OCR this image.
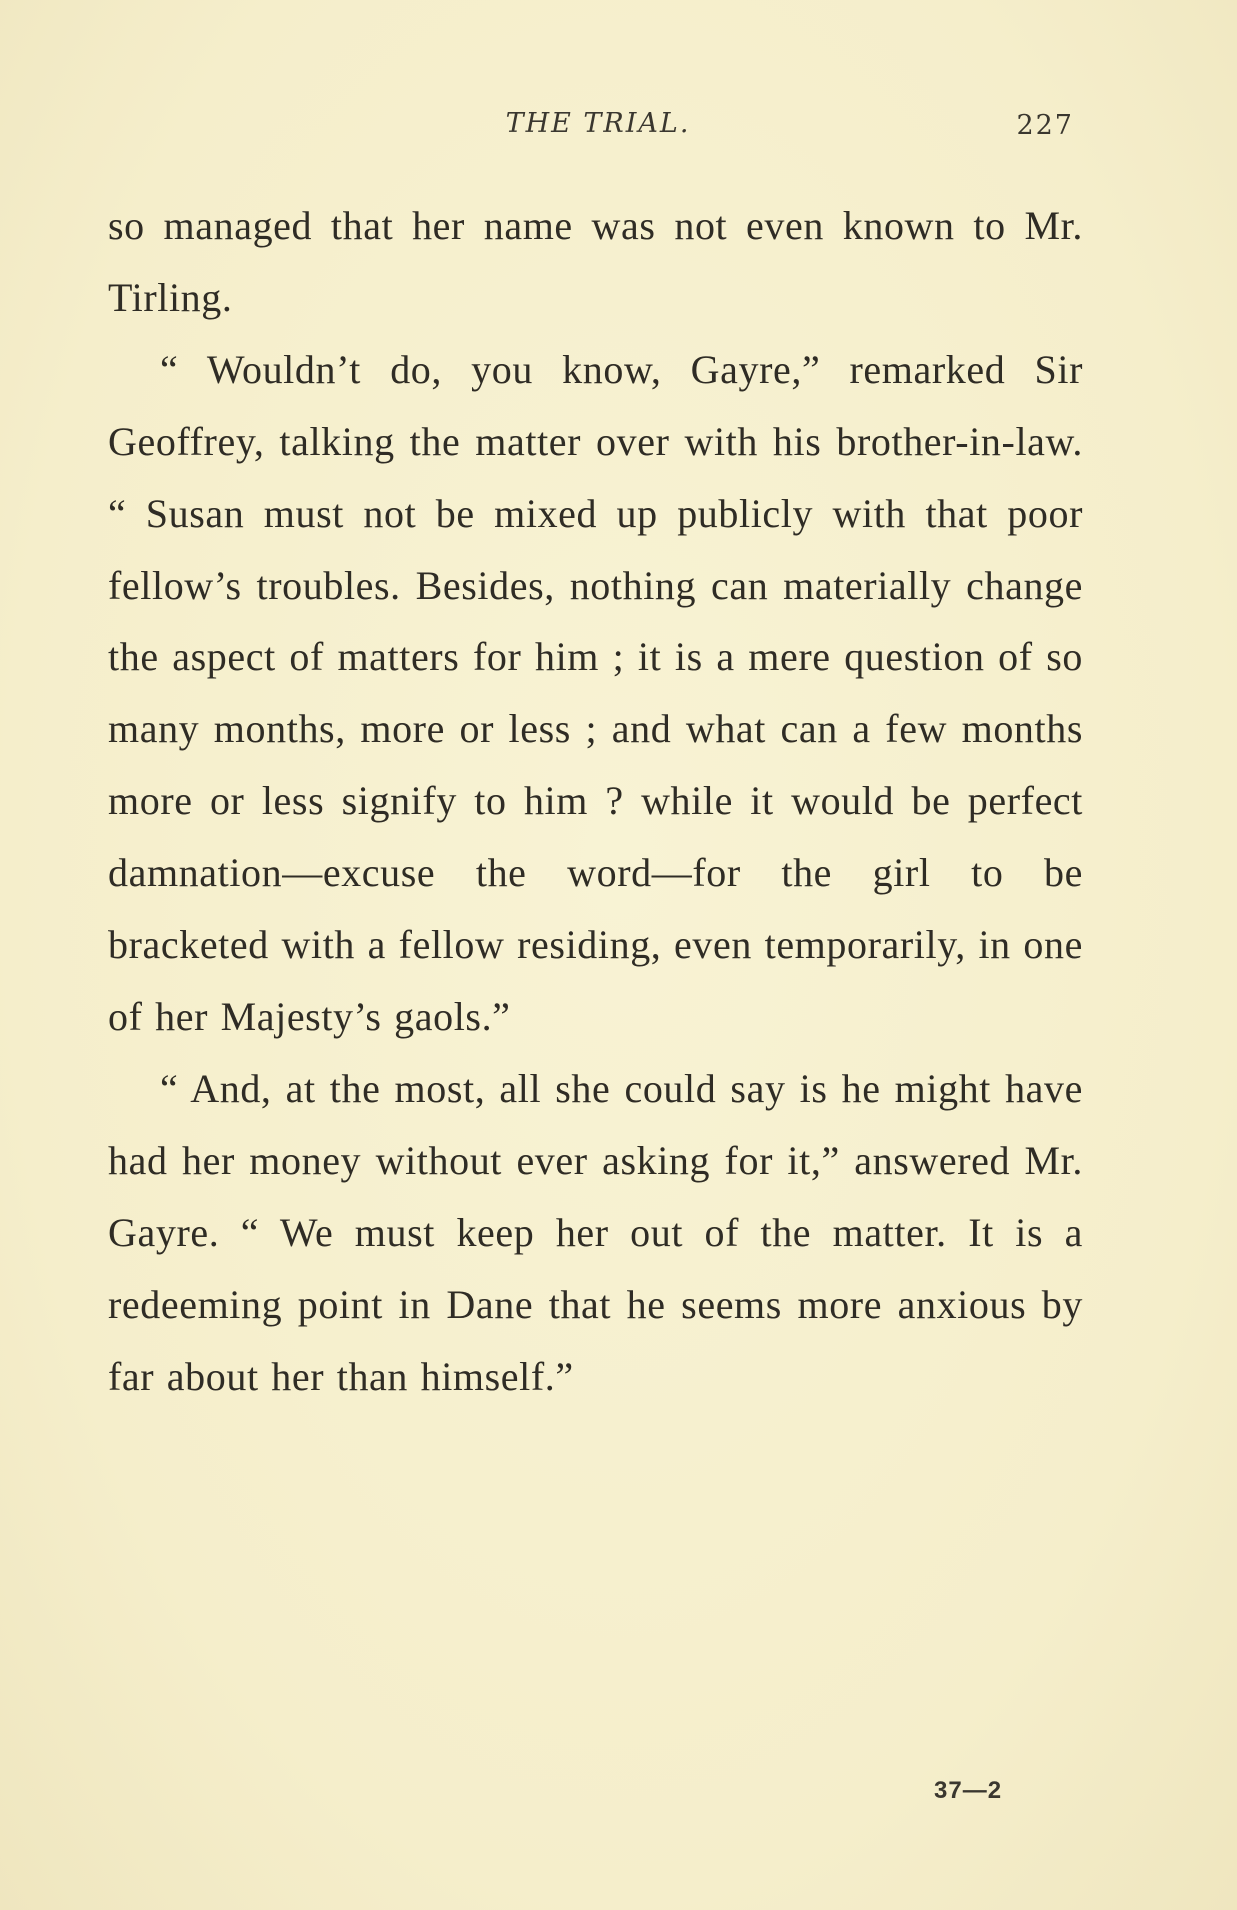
THE TRIAL.	227

so managed that her name was not even known to Mr. Tirling.

“ Wouldn’t do, you know, Gayre,” remarked Sir Geoffrey, talking the matter over with his brother-in-law. “ Susan must not be mixed up publicly with that poor fellow’s troubles. Besides, nothing can materially change the aspect of matters for him ; it is a mere question of so many months, more or less ; and what can a few months more or less signify to him ? while it would be perfect damnation—excuse the word—for the girl to be bracketed with a fellow residing, even temporarily, in one of her Majesty’s gaols.”

“ And, at the most, all she could say is he might have had her money without ever asking for it,” answered Mr. Gayre. “ We must keep her out of the matter. It is a redeeming point in Dane that he seems more anxious by far about her than himself.”

37—2
